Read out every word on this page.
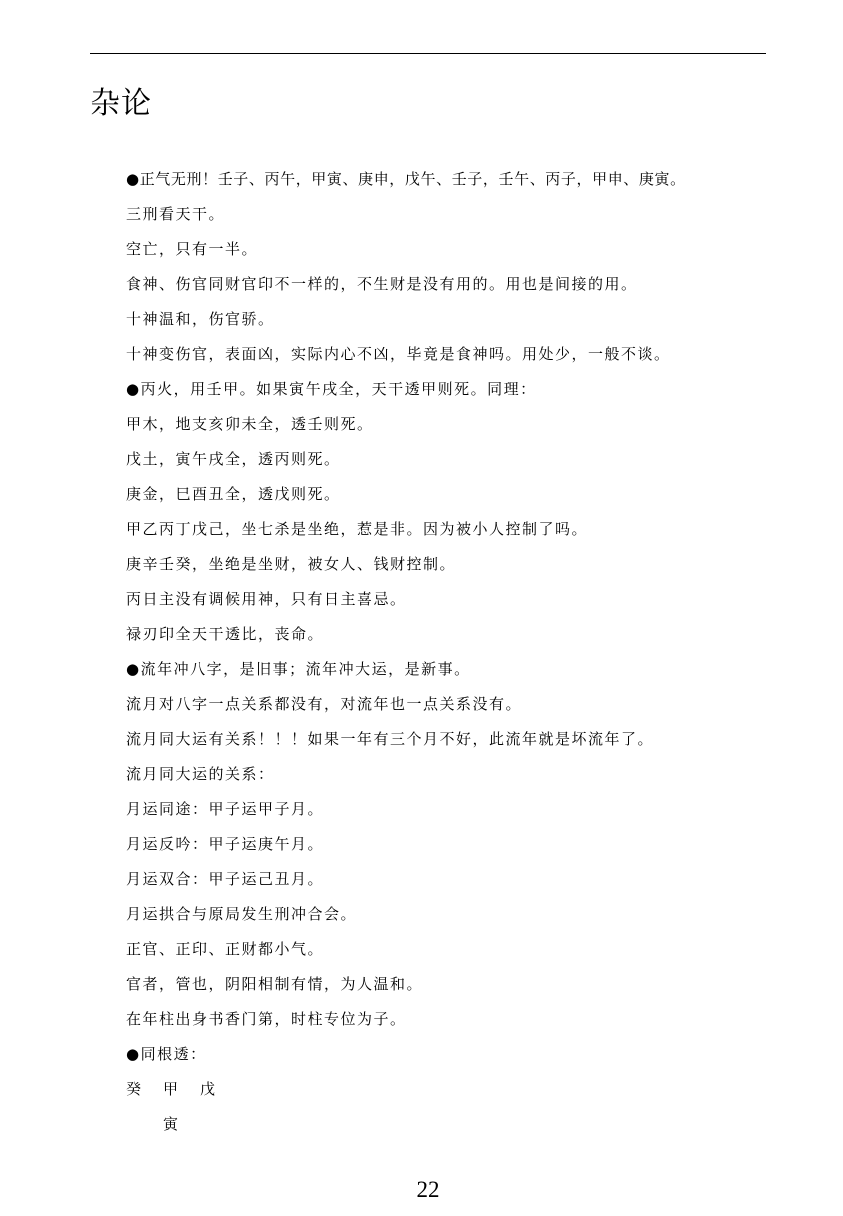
杂论
●正气无刑！壬子、丙午，甲寅、庚申，戊午、壬子，壬午、丙子，甲申、庚寅。
三刑看天干。
空亡，只有一半。
食神、伤官同财官印不一样的，不生财是没有用的。用也是间接的用。
十神温和，伤官骄。
十神变伤官，表面凶，实际内心不凶，毕竟是食神吗。用处少，一般不谈。
●丙火，用壬甲。如果寅午戌全，天干透甲则死。同理：
甲木，地支亥卯未全，透壬则死。
戊土，寅午戌全，透丙则死。
庚金，巳酉丑全，透戊则死。
甲乙丙丁戊己，坐七杀是坐绝，惹是非。因为被小人控制了吗。
庚辛壬癸，坐绝是坐财，被女人、钱财控制。
丙日主没有调候用神，只有日主喜忌。
禄刃印全天干透比，丧命。
●流年冲八字，是旧事；流年冲大运，是新事。
流月对八字一点关系都没有，对流年也一点关系没有。
流月同大运有关系！！！如果一年有三个月不好，此流年就是坏流年了。
流月同大运的关系：
月运同途：甲子运甲子月。
月运反吟：甲子运庚午月。
月运双合：甲子运己丑月。
月运拱合与原局发生刑冲合会。
正官、正印、正财都小气。
官者，管也，阴阳相制有情，为人温和。
在年柱出身书香门第，时柱专位为子。
●同根透：
癸 甲 戊
寅
22
